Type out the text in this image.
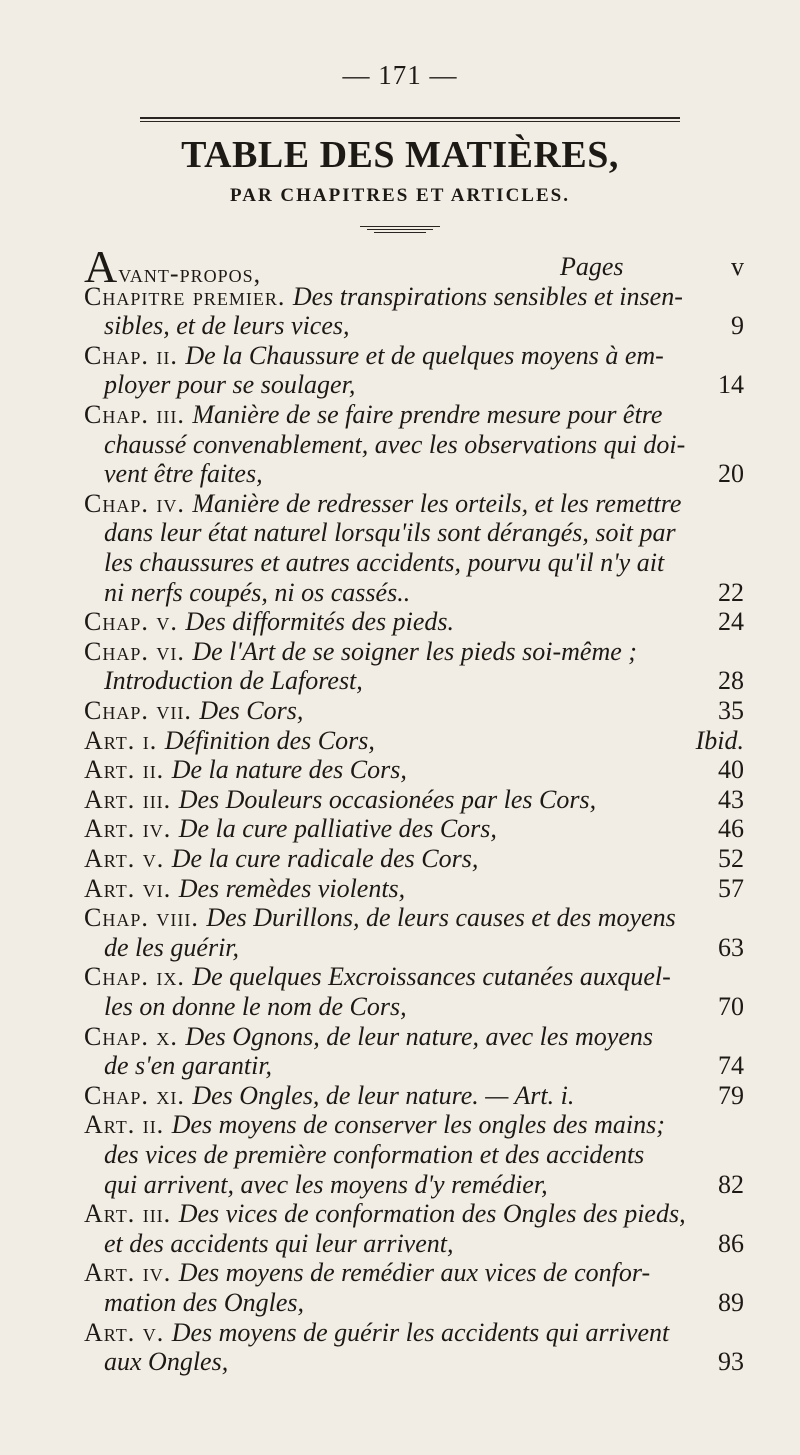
— 171 —
TABLE DES MATIÈRES,
PAR CHAPITRES ET ARTICLES.
Avant-propos,	Pages	v
Chapitre premier. Des transpirations sensibles et insen-
sibles, et de leurs vices,	9
Chap. ii. De la Chaussure et de quelques moyens à em-
ployer pour se soulager,	14
Chap. iii. Manière de se faire prendre mesure pour être
chaussé convenablement, avec les observations qui doi-
vent être faites,	20
Chap. iv. Manière de redresser les orteils, et les remettre
dans leur état naturel lorsqu'ils sont dérangés, soit par
les chaussures et autres accidents, pourvu qu'il n'y ait
ni nerfs coupés, ni os cassés..	22
Chap. v. Des difformités des pieds.	24
Chap. vi. De l'Art de se soigner les pieds soi-même ;
Introduction de Laforest,	28
Chap. vii. Des Cors,	35
Art. i. Définition des Cors,	Ibid.
Art. ii. De la nature des Cors,	40
Art. iii. Des Douleurs occasionées par les Cors,	43
Art. iv. De la cure palliative des Cors,	46
Art. v. De la cure radicale des Cors,	52
Art. vi. Des remèdes violents,	57
Chap. viii. Des Durillons, de leurs causes et des moyens
de les guérir,	63
Chap. ix. De quelques Excroissances cutanées auxquel-
les on donne le nom de Cors,	70
Chap. x. Des Ognons, de leur nature, avec les moyens
de s'en garantir,	74
Chap. xi. Des Ongles, de leur nature. — Art. i.	79
Art. ii. Des moyens de conserver les ongles des mains;
des vices de première conformation et des accidents
qui arrivent, avec les moyens d'y remédier,	82
Art. iii. Des vices de conformation des Ongles des pieds,
et des accidents qui leur arrivent,	86
Art. iv. Des moyens de remédier aux vices de confor-
mation des Ongles,	89
Art. v. Des moyens de guérir les accidents qui arrivent
aux Ongles,	93
